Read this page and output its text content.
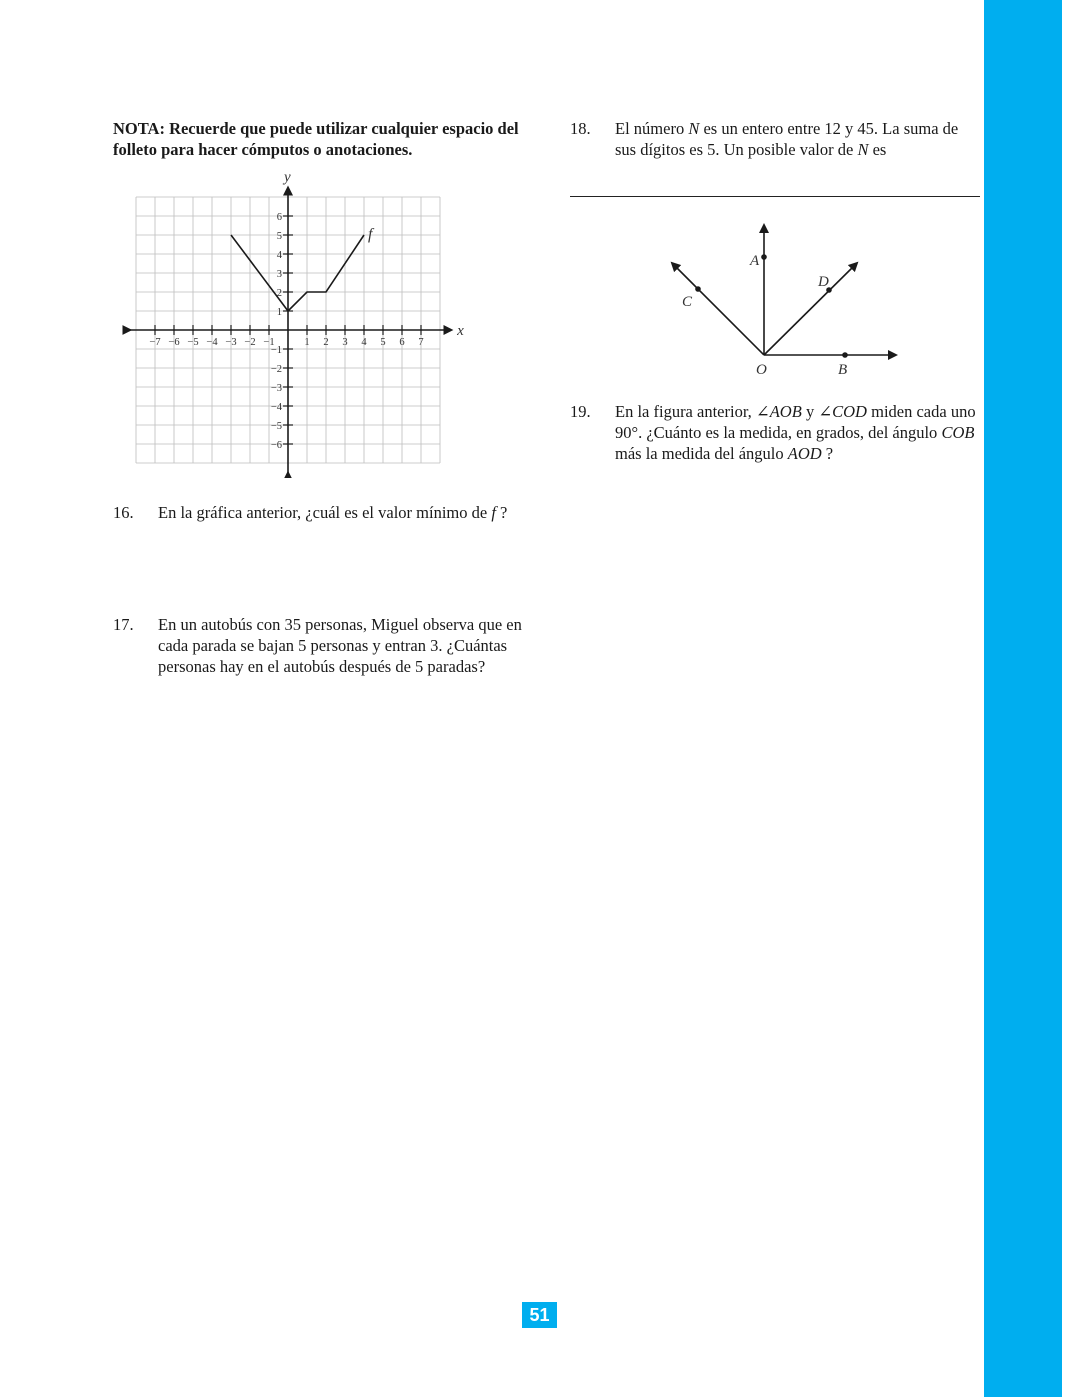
NOTA: Recuerde que puede utilizar cualquier espacio del folleto para hacer cómputos o anotaciones.
−7 −6 −5 −4 −3 −2 −1	1 2 3 4 5 6 7
6
5
4
3
2
1
−1
−2
−3
−4
−5
−6
x
y
f
16. En la gráfica anterior, ¿cuál es el valor mínimo de f ?
17. En un autobús con 35 personas, Miguel observa que en cada parada se bajan 5 personas y entran 3. ¿Cuántas personas hay en el autobús después de 5 paradas?
18. El número N es un entero entre 12 y 45. La suma de sus dígitos es 5. Un posible valor de N es
A
B
C
D
O
19. En la figura anterior, ∠AOB y ∠COD miden cada uno 90°. ¿Cuánto es la medida, en grados, del ángulo COB más la medida del ángulo AOD ?
51
